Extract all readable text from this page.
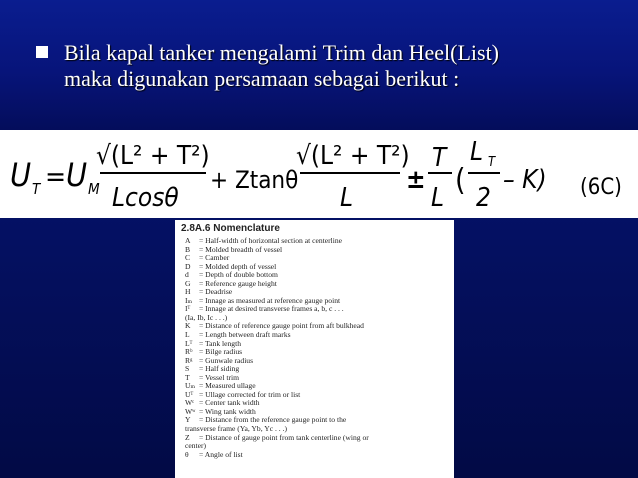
Bila kapal tanker mengalami Trim dan Heel(List)
maka digunakan persamaan sebagai berikut :
U T = U M
√(L² + T²)
Lcosθ
+ Ztanθ
√(L² + T²)
L
±
T
L (
L T
2
– K) (6C)
2.8A.6 Nomenclature
A = Half-width of horizontal section at centerline
B = Molded breadth of vessel
C = Camber
D = Molded depth of vessel
d = Depth of double bottom
G = Reference gauge height
H = Deadrise
Iₘ = Innage as measured at reference gauge point
Iᵀ = Innage at desired transverse frames a, b, c . . .
(Ia, Ib, Ic . . .)
K = Distance of reference gauge point from aft bulkhead
L = Length between draft marks
Lᵀ = Tank length
Rᵇ = Bilge radius
Rᵍ = Gunwale radius
S = Half siding
T = Vessel trim
Uₘ = Measured ullage
Uᵀ = Ullage corrected for trim or list
Wᶜ = Center tank width
Wʷ = Wing tank width
Y = Distance from the reference gauge point to the
transverse frame (Ya, Yb, Yc . . .)
Z = Distance of gauge point from tank centerline (wing or
center)
θ = Angle of list
